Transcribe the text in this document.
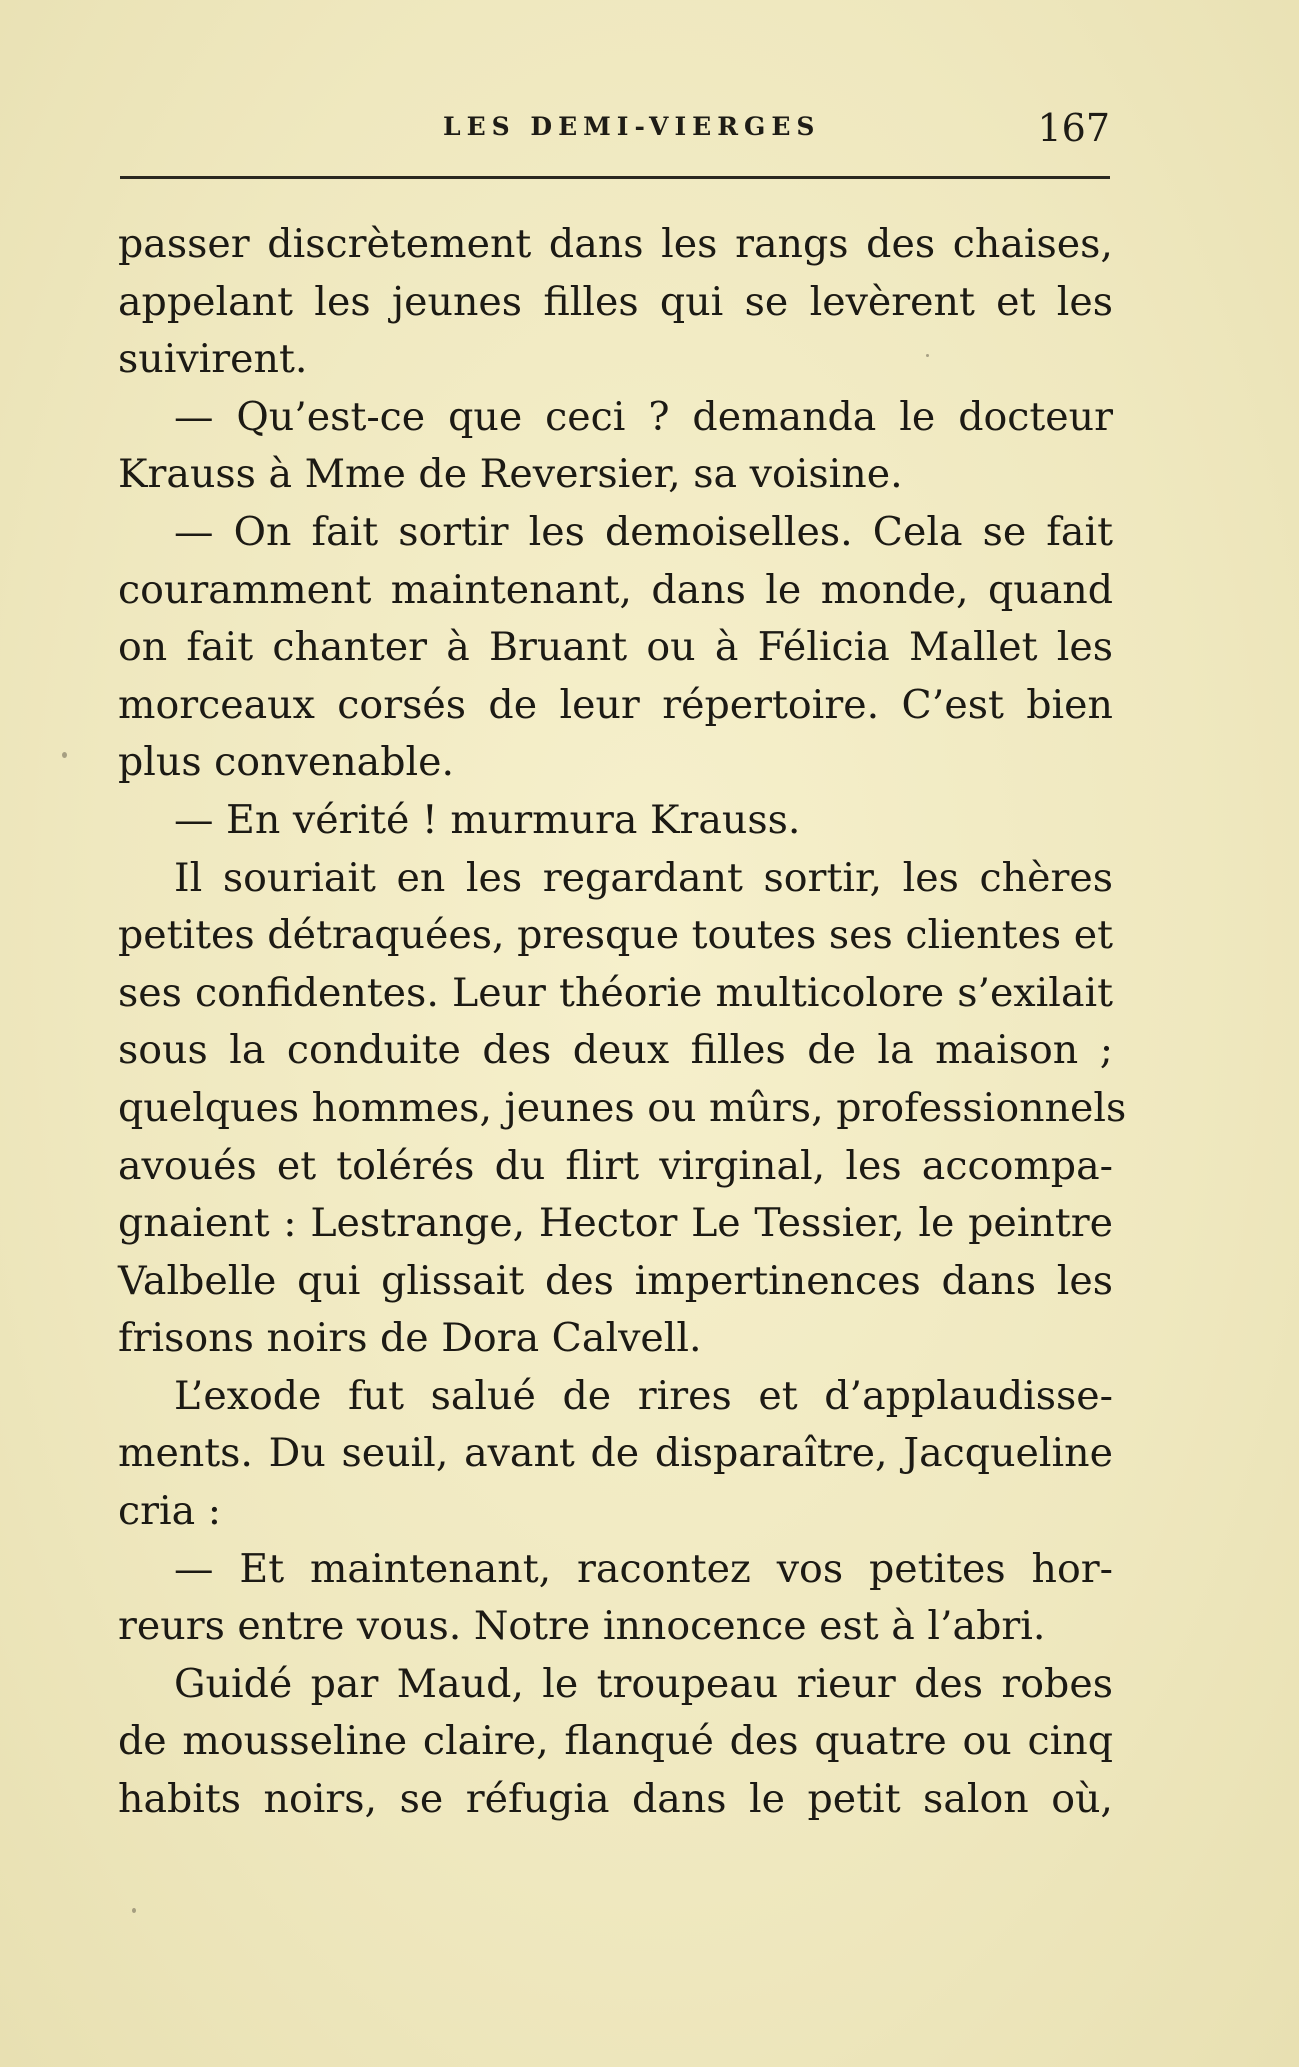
LES DEMI-VIERGES	167
passer discrètement dans les rangs des chaises,
appelant les jeunes filles qui se levèrent et les
suivirent.
— Qu’est-ce que ceci ? demanda le docteur
Krauss à Mme de Reversier, sa voisine.
— On fait sortir les demoiselles. Cela se fait
couramment maintenant, dans le monde, quand
on fait chanter à Bruant ou à Félicia Mallet les
morceaux corsés de leur répertoire. C’est bien
plus convenable.
— En vérité ! murmura Krauss.
Il souriait en les regardant sortir, les chères
petites détraquées, presque toutes ses clientes et
ses confidentes. Leur théorie multicolore s’exilait
sous la conduite des deux filles de la maison ;
quelques hommes, jeunes ou mûrs, professionnels
avoués et tolérés du flirt virginal, les accompa-
gnaient : Lestrange, Hector Le Tessier, le peintre
Valbelle qui glissait des impertinences dans les
frisons noirs de Dora Calvell.
L’exode fut salué de rires et d’applaudisse-
ments. Du seuil, avant de disparaître, Jacqueline
cria :
— Et maintenant, racontez vos petites hor-
reurs entre vous. Notre innocence est à l’abri.
Guidé par Maud, le troupeau rieur des robes
de mousseline claire, flanqué des quatre ou cinq
habits noirs, se réfugia dans le petit salon où,
